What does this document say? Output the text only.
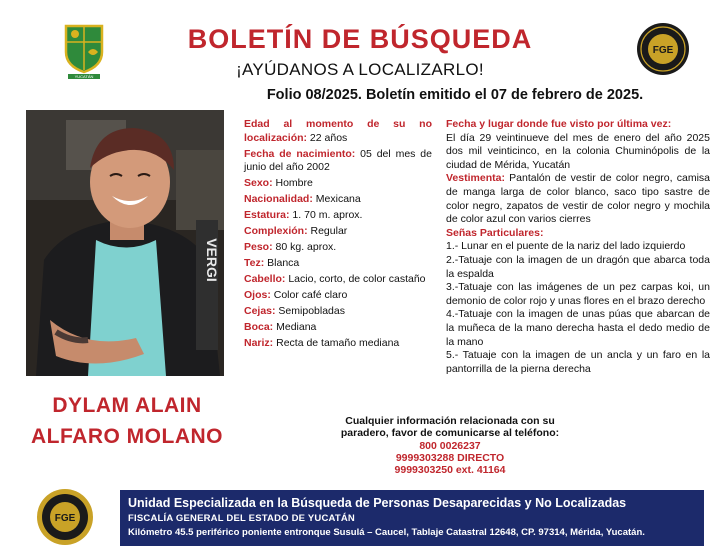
YUCATÁN
FGE
BOLETÍN DE BÚSQUEDA
¡AYÚDANOS A LOCALIZARLO!
Folio 08/2025. Boletín emitido el 07 de febrero de 2025.
VERGI
DYLAM ALAIN
ALFARO MOLANO
Edad al momento de su no localización: 22 años
Fecha de nacimiento: 05 del mes de junio del año 2002
Sexo: Hombre
Nacionalidad: Mexicana
Estatura: 1. 70 m. aprox.
Complexión: Regular
Peso: 80 kg. aprox.
Tez: Blanca
Cabello: Lacio, corto, de color castaño
Ojos: Color café claro
Cejas: Semipobladas
Boca: Mediana
Nariz: Recta de tamaño mediana
Fecha y lugar donde fue visto por última vez:
El día 29 veintinueve del mes de enero del año 2025 dos mil veinticinco, en la colonia Chuminópolis de la ciudad de Mérida, Yucatán
Vestimenta: Pantalón de vestir de color negro, camisa de manga larga de color blanco, saco tipo sastre de color negro, zapatos de vestir de color negro y mochila de color azul con varios cierres
Señas Particulares:
1.- Lunar en el puente de la nariz del lado izquierdo
2.-Tatuaje con la imagen de un dragón que abarca toda la espalda
3.-Tatuaje con las imágenes de un pez carpas koi, un demonio de color rojo y unas flores en el brazo derecho
4.-Tatuaje con la imagen de unas púas que abarcan de la muñeca de la mano derecha hasta el dedo medio de la mano
5.- Tatuaje con la imagen de un ancla y un faro en la pantorrilla de la pierna derecha
Cualquier información relacionada con su
paradero, favor de comunicarse al teléfono:
800 0026237
9999303288 DIRECTO
9999303250 ext. 41164
FGE
Unidad Especializada en la Búsqueda de Personas Desaparecidas y No Localizadas
FISCALÍA GENERAL DEL ESTADO DE YUCATÁN
Kilómetro 45.5 periférico poniente entronque Susulá – Caucel, Tablaje Catastral 12648, CP. 97314, Mérida, Yucatán.
